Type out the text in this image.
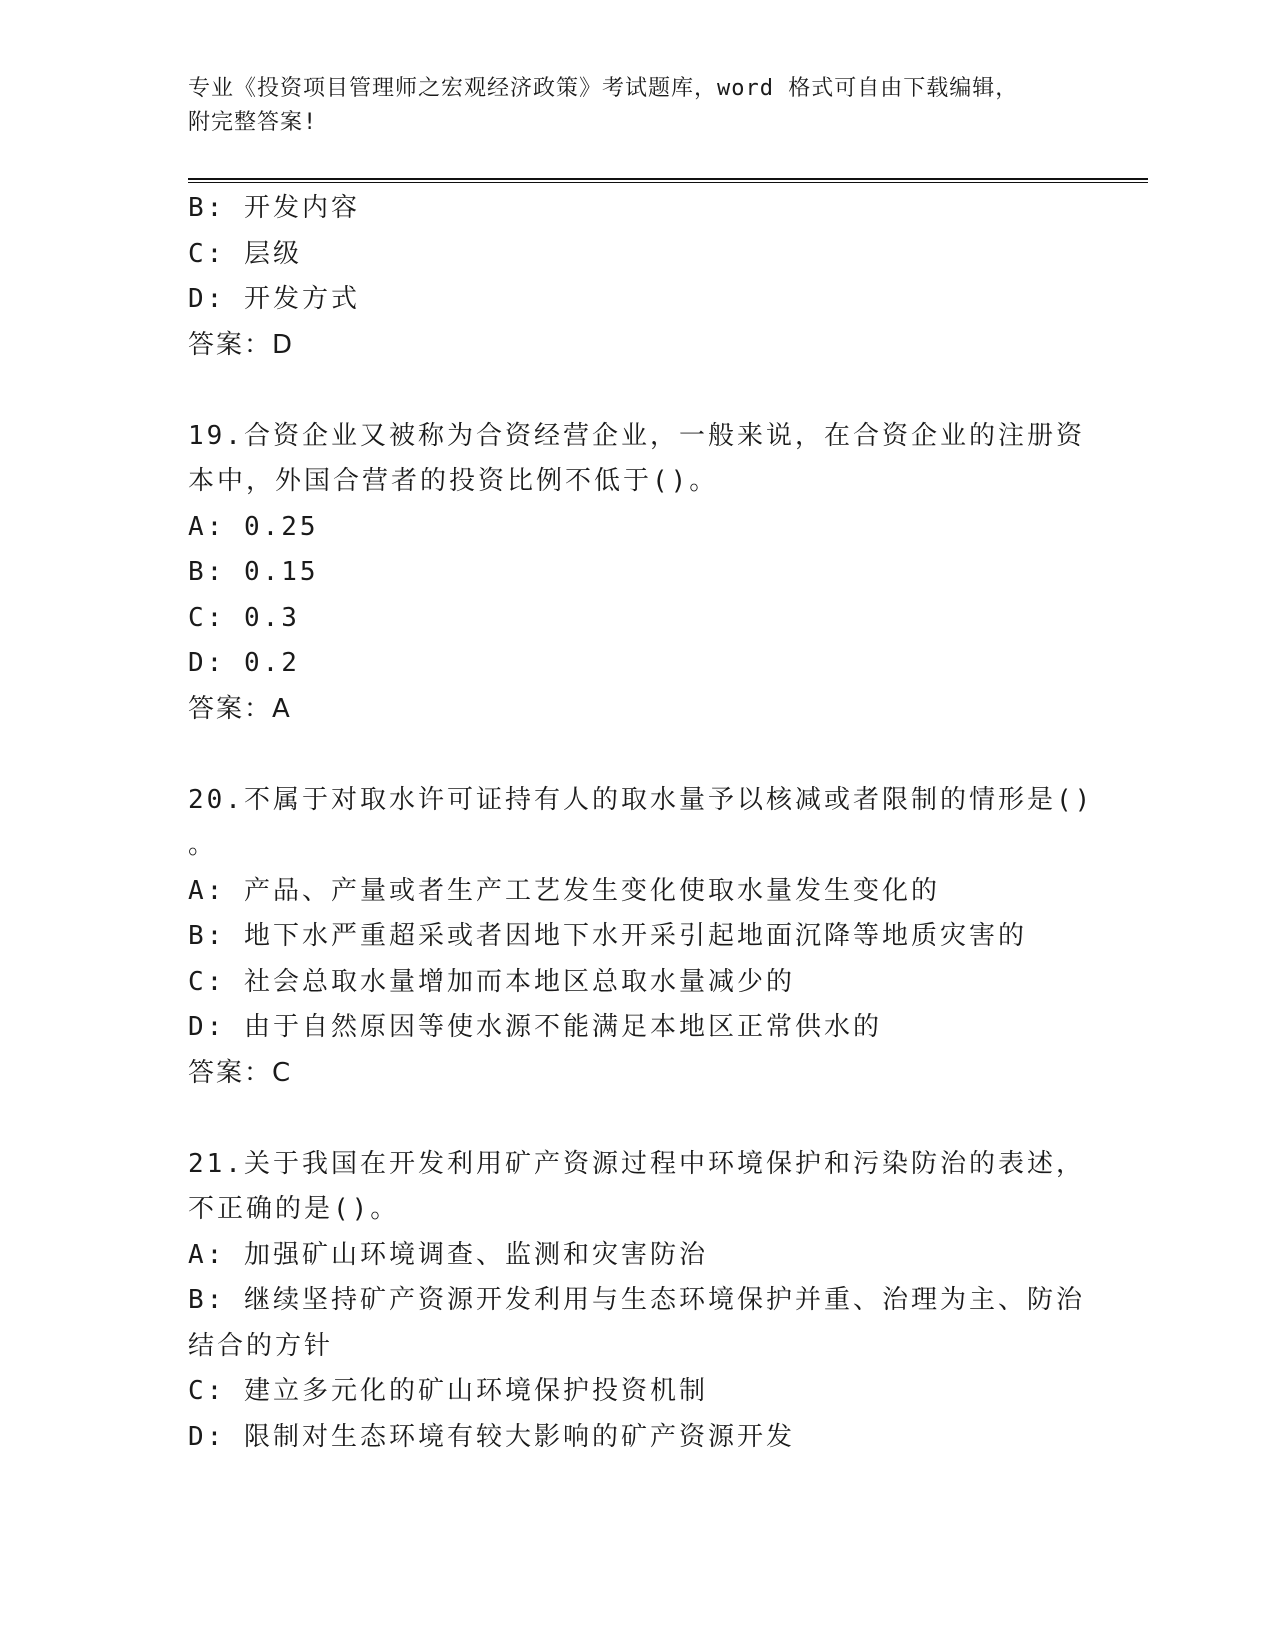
专业《投资项目管理师之宏观经济政策》考试题库，word 格式可自由下载编辑，
附完整答案!
B: 开发内容
C: 层级
D: 开发方式
答案：D
19.合资企业又被称为合资经营企业，一般来说，在合资企业的注册资
本中，外国合营者的投资比例不低于()。
A: 0.25
B: 0.15
C: 0.3
D: 0.2
答案：A
20.不属于对取水许可证持有人的取水量予以核减或者限制的情形是()
。
A: 产品、产量或者生产工艺发生变化使取水量发生变化的
B: 地下水严重超采或者因地下水开采引起地面沉降等地质灾害的
C: 社会总取水量增加而本地区总取水量减少的
D: 由于自然原因等使水源不能满足本地区正常供水的
答案：C
21.关于我国在开发利用矿产资源过程中环境保护和污染防治的表述，
不正确的是()。
A: 加强矿山环境调查、监测和灾害防治
B: 继续坚持矿产资源开发利用与生态环境保护并重、治理为主、防治
结合的方针
C: 建立多元化的矿山环境保护投资机制
D: 限制对生态环境有较大影响的矿产资源开发
